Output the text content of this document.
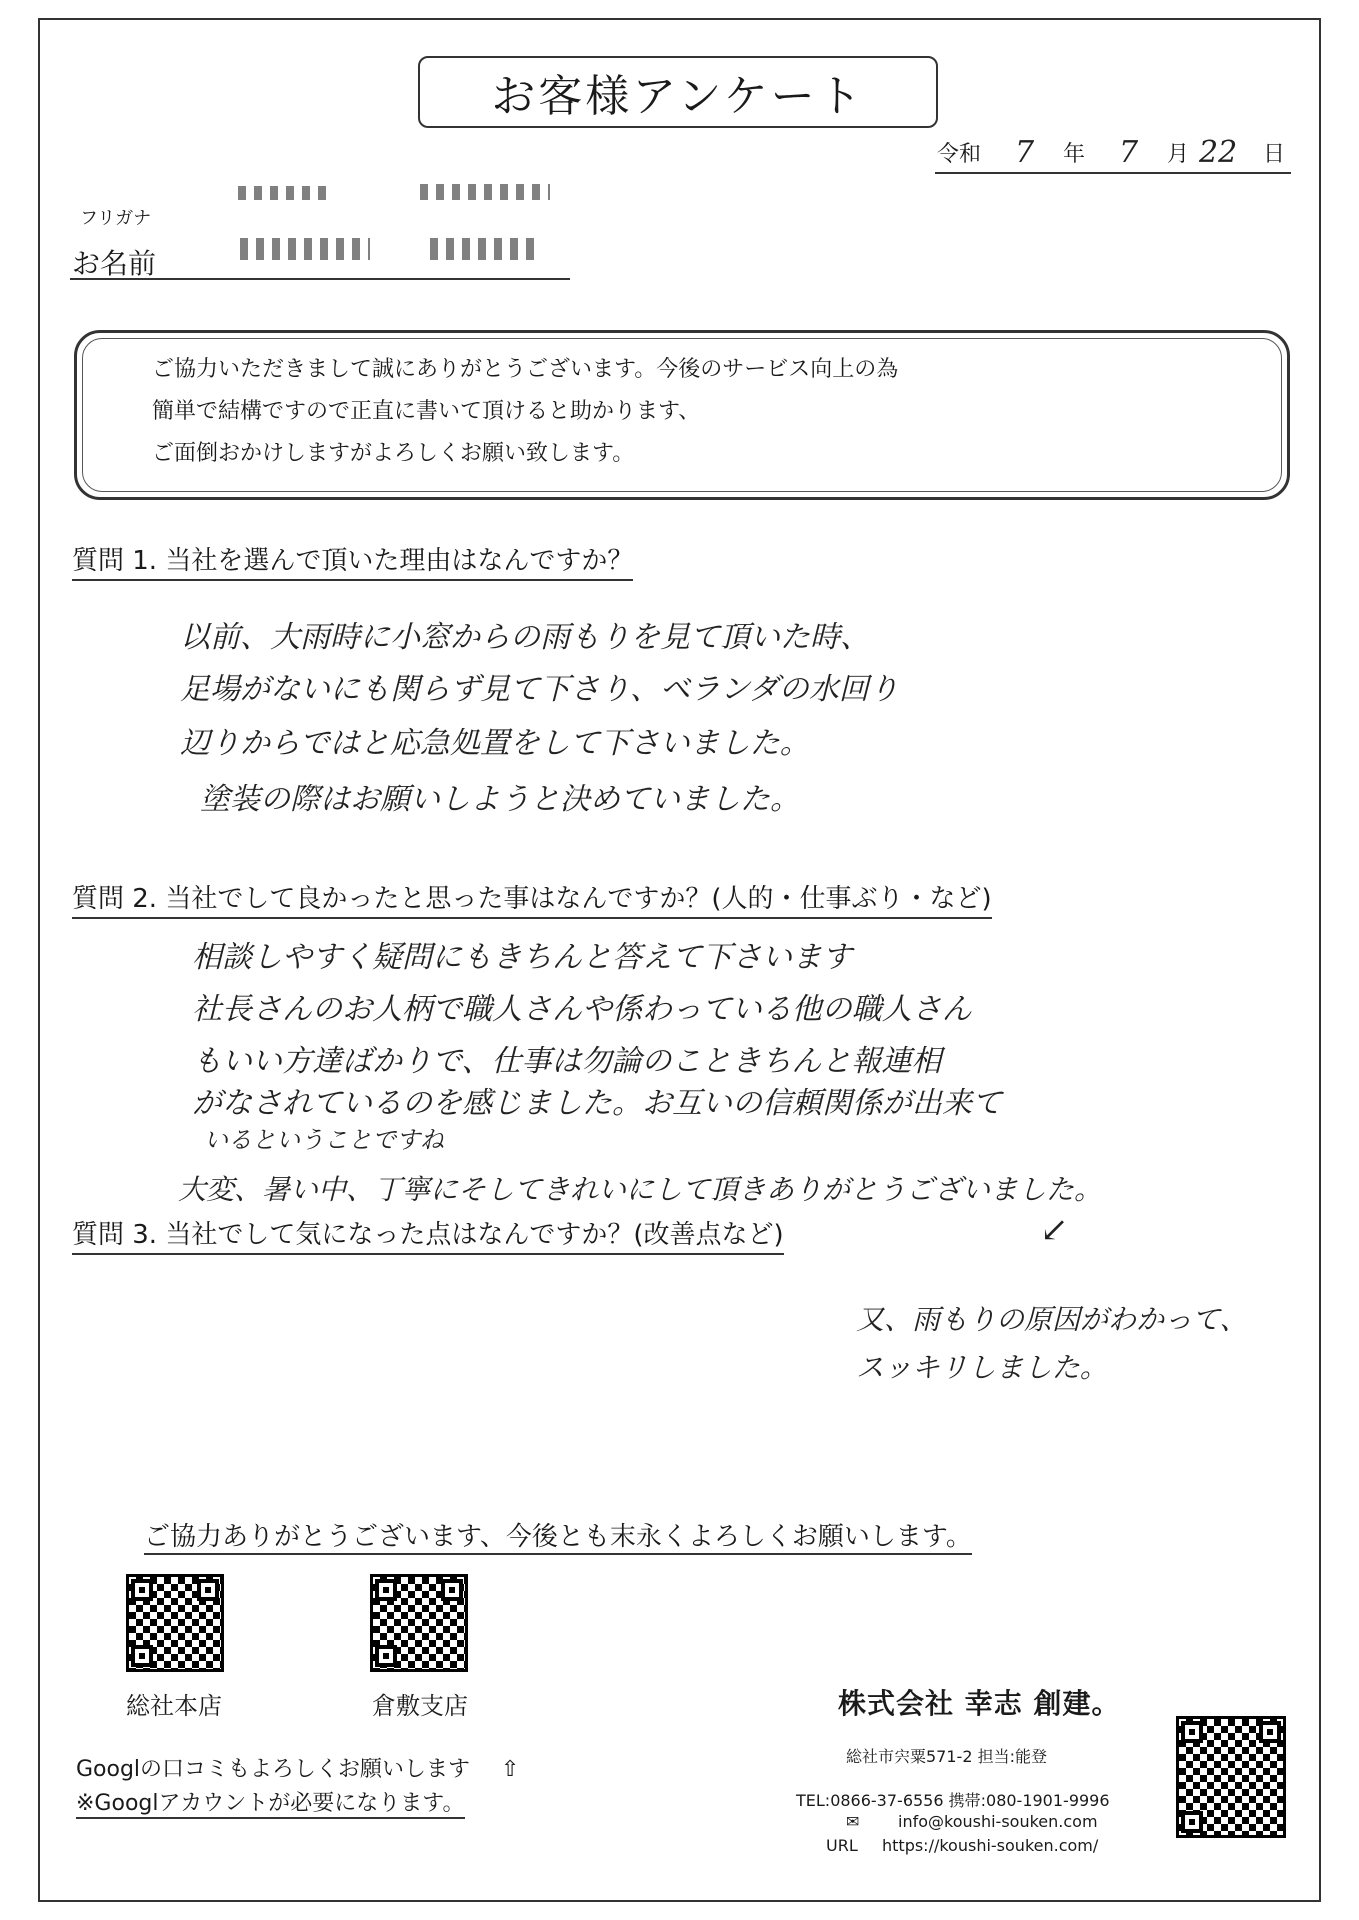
お客様アンケート
令和 7 年 7 月 22 日
フリガナ
お名前
ご協力いただきまして誠にありがとうございます。今後のサービス向上の為
簡単で結構ですので正直に書いて頂けると助かります、
ご面倒おかけしますがよろしくお願い致します。
質問 1. 当社を選んで頂いた理由はなんですか？
以前、大雨時に小窓からの雨もりを見て頂いた時、
足場がないにも関らず見て下さり、ベランダの水回り
辺りからではと応急処置をして下さいました。
塗装の際はお願いしようと決めていました。
質問 2. 当社でして良かったと思った事はなんですか？(人的・仕事ぶり・など)
相談しやすく疑問にもきちんと答えて下さいます
社長さんのお人柄で職人さんや係わっている他の職人さん
もいい方達ばかりで、仕事は勿論のこときちんと報連相
がなされているのを感じました。お互いの信頼関係が出来て
いるということですね
大変、暑い中、丁寧にそしてきれいにして頂きありがとうございました。
質問 3. 当社でして気になった点はなんですか？(改善点など)	↙
又、雨もりの原因がわかって、
スッキリしました。
ご協力ありがとうございます、今後とも末永くよろしくお願いします。
総社本店	倉敷支店
Googlの口コミもよろしくお願いします ⇧
※Googlアカウントが必要になります。
株式会社 幸志 創建。
総社市宍粟571-2 担当:能登
TEL:0866-37-6556 携帯:080-1901-9996
✉ info@koushi-souken.com
URL https://koushi-souken.com/
